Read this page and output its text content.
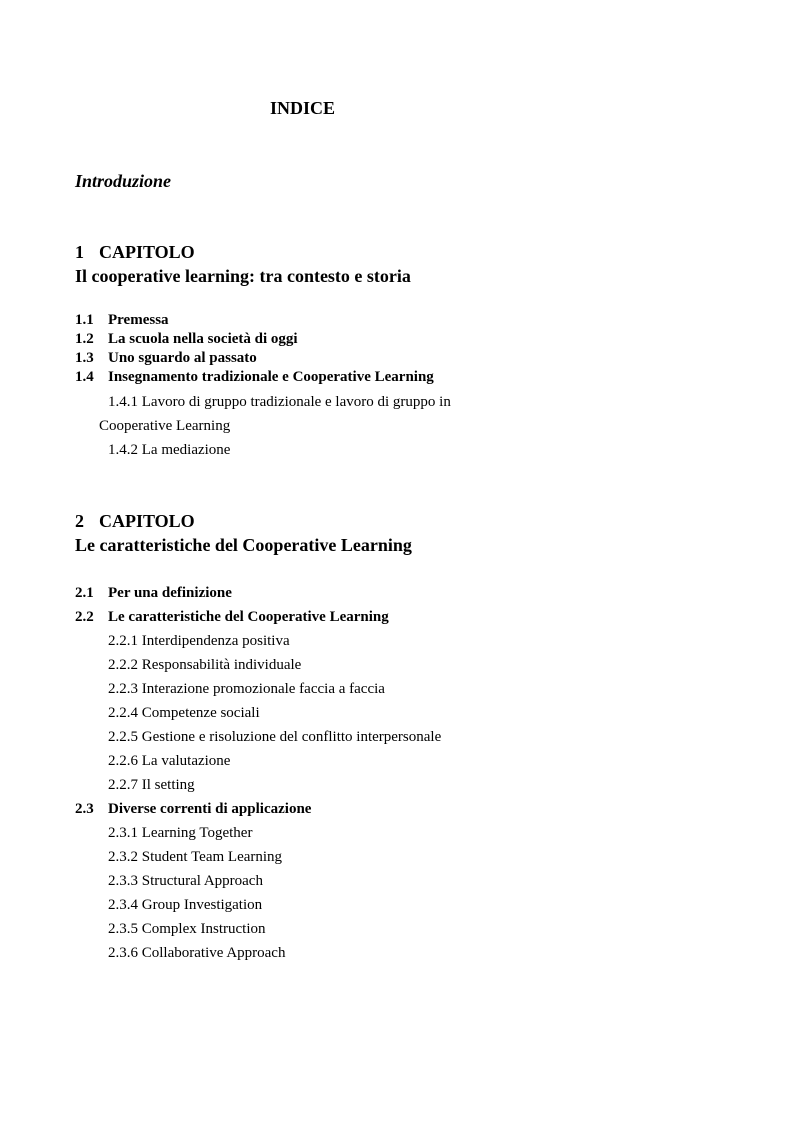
INDICE
Introduzione
1 CAPITOLO
Il cooperative learning: tra contesto e storia
1.1 Premessa
1.2 La scuola nella società di oggi
1.3 Uno sguardo al passato
1.4 Insegnamento tradizionale e Cooperative Learning
1.4.1 Lavoro di gruppo tradizionale e lavoro di gruppo in
Cooperative Learning
1.4.2 La mediazione
2 CAPITOLO
Le caratteristiche del Cooperative Learning
2.1 Per una definizione
2.2 Le caratteristiche del Cooperative Learning
2.2.1 Interdipendenza positiva
2.2.2 Responsabilità individuale
2.2.3 Interazione promozionale faccia a faccia
2.2.4 Competenze sociali
2.2.5 Gestione e risoluzione del conflitto interpersonale
2.2.6 La valutazione
2.2.7 Il setting
2.3 Diverse correnti di applicazione
2.3.1 Learning Together
2.3.2 Student Team Learning
2.3.3 Structural Approach
2.3.4 Group Investigation
2.3.5 Complex Instruction
2.3.6 Collaborative Approach
